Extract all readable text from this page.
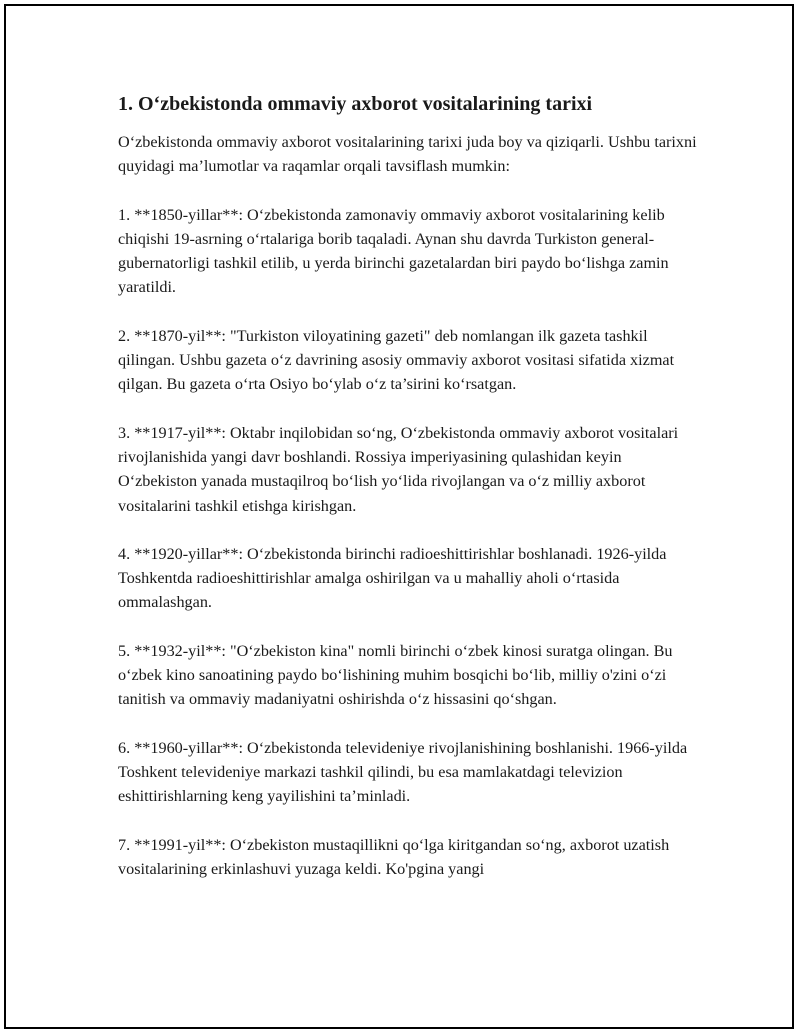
1. O‘zbekistonda ommaviy axborot vositalarining tarixi

O‘zbekistonda ommaviy axborot vositalarining tarixi juda boy va qiziqarli. Ushbu tarixni quyidagi ma’lumotlar va raqamlar orqali tavsiflash mumkin:

1. **1850-yillar**: O‘zbekistonda zamonaviy ommaviy axborot vositalarining kelib chiqishi 19-asrning o‘rtalariga borib taqaladi. Aynan shu davrda Turkiston general-gubernatorligi tashkil etilib, u yerda birinchi gazetalardan biri paydo bo‘lishga zamin yaratildi.

2. **1870-yil**: "Turkiston viloyatining gazeti" deb nomlangan ilk gazeta tashkil qilingan. Ushbu gazeta o‘z davrining asosiy ommaviy axborot vositasi sifatida xizmat qilgan. Bu gazeta o‘rta Osiyo bo‘ylab o‘z ta’sirini ko‘rsatgan.

3. **1917-yil**: Oktabr inqilobidan so‘ng, O‘zbekistonda ommaviy axborot vositalari rivojlanishida yangi davr boshlandi. Rossiya imperiyasining qulashidan keyin O‘zbekiston yanada mustaqilroq bo‘lish yo‘lida rivojlangan va o‘z milliy axborot vositalarini tashkil etishga kirishgan.

4. **1920-yillar**: O‘zbekistonda birinchi radioeshittirishlar boshlanadi. 1926-yilda Toshkentda radioeshittirishlar amalga oshirilgan va u mahalliy aholi o‘rtasida ommalashgan.

5. **1932-yil**: "O‘zbekiston kina" nomli birinchi o‘zbek kinosi suratga olingan. Bu o‘zbek kino sanoatining paydo bo‘lishining muhim bosqichi bo‘lib, milliy o'zini o‘zi tanitish va ommaviy madaniyatni oshirishda o‘z hissasini qo‘shgan.

6. **1960-yillar**: O‘zbekistonda televideniye rivojlanishining boshlanishi. 1966-yilda Toshkent televideniye markazi tashkil qilindi, bu esa mamlakatdagi televizion eshittirishlarning keng yayilishini ta’minladi.

7. **1991-yil**: O‘zbekiston mustaqillikni qo‘lga kiritgandan so‘ng, axborot uzatish vositalarining erkinlashuvi yuzaga keldi. Ko'pgina yangi
